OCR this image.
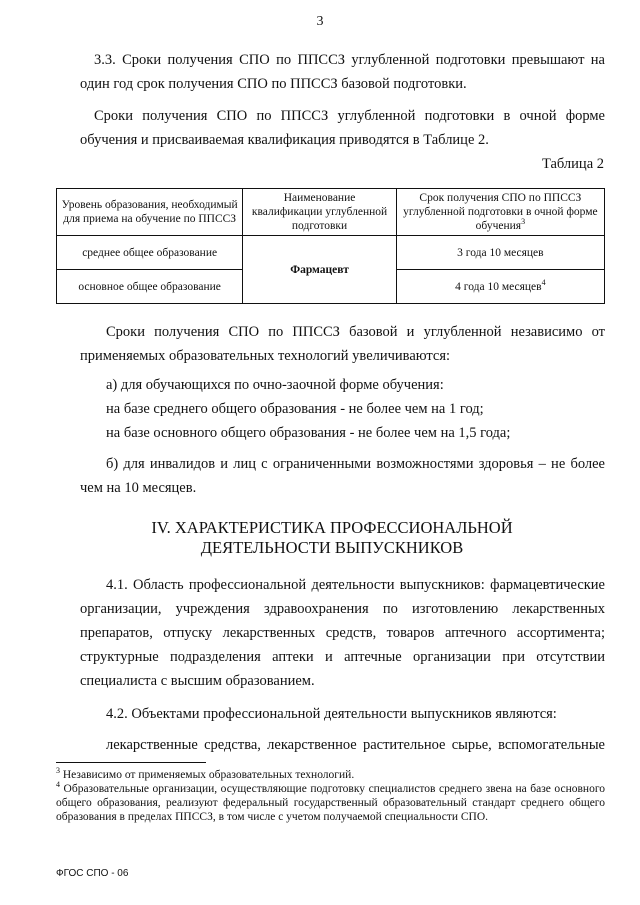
3
3.3. Сроки получения СПО по ППССЗ углубленной подготовки превышают на
один год срок получения СПО по ППССЗ базовой подготовки.
Сроки получения СПО по ППССЗ углубленной подготовки в очной форме
обучения и присваиваемая квалификация приводятся в Таблице 2.
Таблица 2
Уровень образования, необходимый для приема на обучение по ППССЗ	Наименование квалификации углубленной подготовки	Срок получения СПО по ППССЗ углубленной подготовки в очной форме обучения$^3$
среднее общее образование	Фармацевт	3 года 10 месяцев
основное общее образование		4 года 10 месяцев$^4$
Сроки получения СПО по ППССЗ базовой и углубленной независимо от
применяемых образовательных технологий увеличиваются:
а) для обучающихся по очно-заочной форме обучения:
на базе среднего общего образования - не более чем на 1 год;
на базе основного общего образования - не более чем на 1,5 года;
б) для инвалидов и лиц с ограниченными возможностями здоровья – не более
чем на 10 месяцев.
IV. ХАРАКТЕРИСТИКА ПРОФЕССИОНАЛЬНОЙ
ДЕЯТЕЛЬНОСТИ ВЫПУСКНИКОВ
4.1. Область профессиональной деятельности выпускников: фармацевтические
организации, учреждения здравоохранения по изготовлению лекарственных
препаратов, отпуску лекарственных средств, товаров аптечного ассортимента;
структурные подразделения аптеки и аптечные организации при отсутствии
специалиста с высшим образованием.
4.2. Объектами профессиональной деятельности выпускников являются:
лекарственные средства, лекарственное растительное сырье, вспомогательные
$^3$ Независимо от применяемых образовательных технологий.
$^4$ Образовательные организации, осуществляющие подготовку специалистов среднего звена на базе основного общего образования, реализуют федеральный государственный образовательный стандарт среднего общего образования в пределах ППССЗ, в том числе с учетом получаемой специальности СПО.
ФГОС СПО - 06
